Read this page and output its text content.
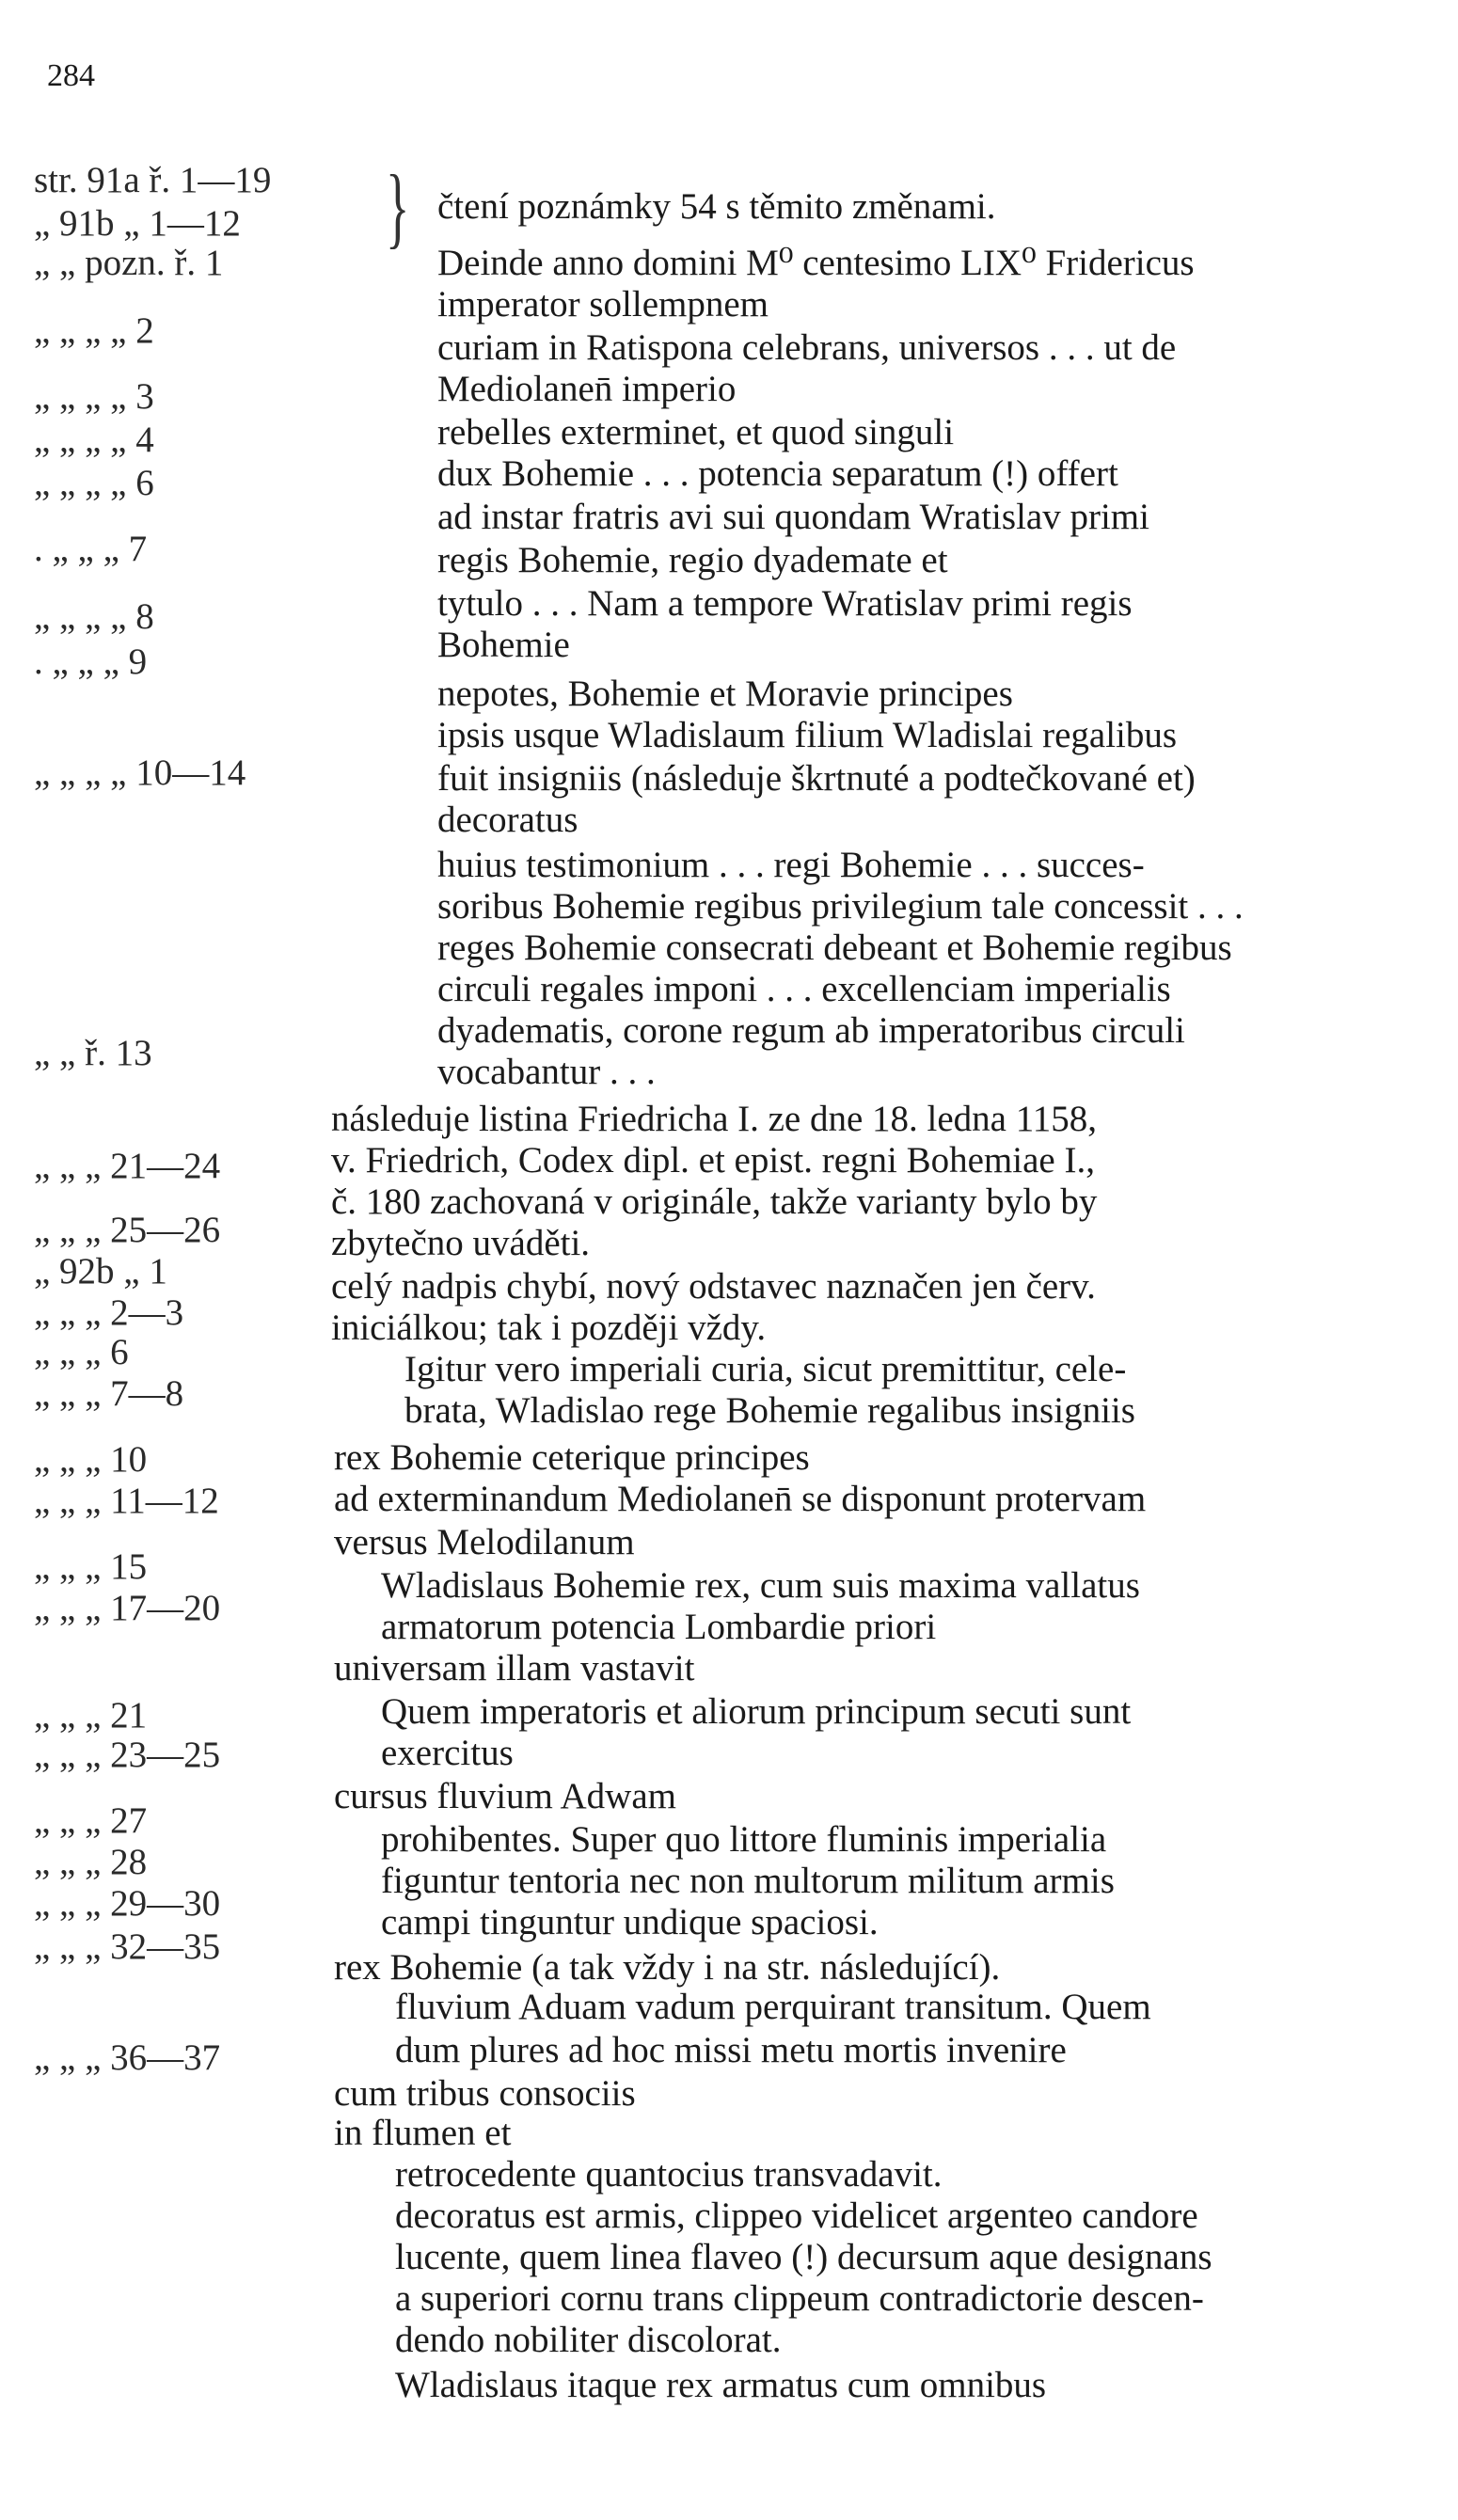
284
}
str. 91a ř. 1—19
„ 91b „ 1—12
„ „ pozn. ř. 1
„ „ „ „ 2
„ „ „ „ 3
„ „ „ „ 4
„ „ „ „ 6
. „ „ „ 7
„ „ „ „ 8
. „ „ „ 9
„ „ „ „ 10—14
„ „ ř. 13
„ „ „ 21—24
„ „ „ 25—26
„ 92b „ 1
„ „ „ 2—3
„ „ „ 6
„ „ „ 7—8
„ „ „ 10
„ „ „ 11—12
„ „ „ 15
„ „ „ 17—20
„ „ „ 21
„ „ „ 23—25
„ „ „ 27
„ „ „ 28
„ „ „ 29—30
„ „ „ 32—35
„ „ „ 36—37
čtení poznámky 54 s těmito změnami.
Deinde anno domini M⁰ centesimo LIX⁰ Fridericus
imperator sollempnem
curiam in Ratispona celebrans, universos . . . ut de
Mediolanen̄ imperio
rebelles exterminet, et quod singuli
dux Bohemie . . . potencia separatum (!) offert
ad instar fratris avi sui quondam Wratislav primi
regis Bohemie, regio dyademate et
tytulo . . . Nam a tempore Wratislav primi regis
Bohemie
nepotes, Bohemie et Moravie principes
ipsis usque Wladislaum filium Wladislai regalibus
fuit insigniis (následuje škrtnuté a podtečkované et)
decoratus
huius testimonium . . . regi Bohemie . . . succes-
soribus Bohemie regibus privilegium tale concessit . . .
reges Bohemie consecrati debeant et Bohemie regibus
circuli regales imponi . . . excellenciam imperialis
dyadematis, corone regum ab imperatoribus circuli
vocabantur . . .
následuje listina Friedricha I. ze dne 18. ledna 1158,
v. Friedrich, Codex dipl. et epist. regni Bohemiae I.,
č. 180 zachovaná v originále, takže varianty bylo by
zbytečno uváděti.
celý nadpis chybí, nový odstavec naznačen jen červ.
iniciálkou; tak i později vždy.
Igitur vero imperiali curia, sicut premittitur, cele-
brata, Wladislao rege Bohemie regalibus insigniis
rex Bohemie ceterique principes
ad exterminandum Mediolanen̄ se disponunt protervam
versus Melodilanum
Wladislaus Bohemie rex, cum suis maxima vallatus
armatorum potencia Lombardie priori
universam illam vastavit
Quem imperatoris et aliorum principum secuti sunt
exercitus
cursus fluvium Adwam
prohibentes. Super quo littore fluminis imperialia
figuntur tentoria nec non multorum militum armis
campi tinguntur undique spaciosi.
rex Bohemie (a tak vždy i na str. následující).
fluvium Aduam vadum perquirant transitum. Quem
dum plures ad hoc missi metu mortis invenire
cum tribus consociis
in flumen et
retrocedente quantocius transvadavit.
decoratus est armis, clippeo videlicet argenteo candore
lucente, quem linea flaveo (!) decursum aque designans
a superiori cornu trans clippeum contradictorie descen-
dendo nobiliter discolorat.
Wladislaus itaque rex armatus cum omnibus
